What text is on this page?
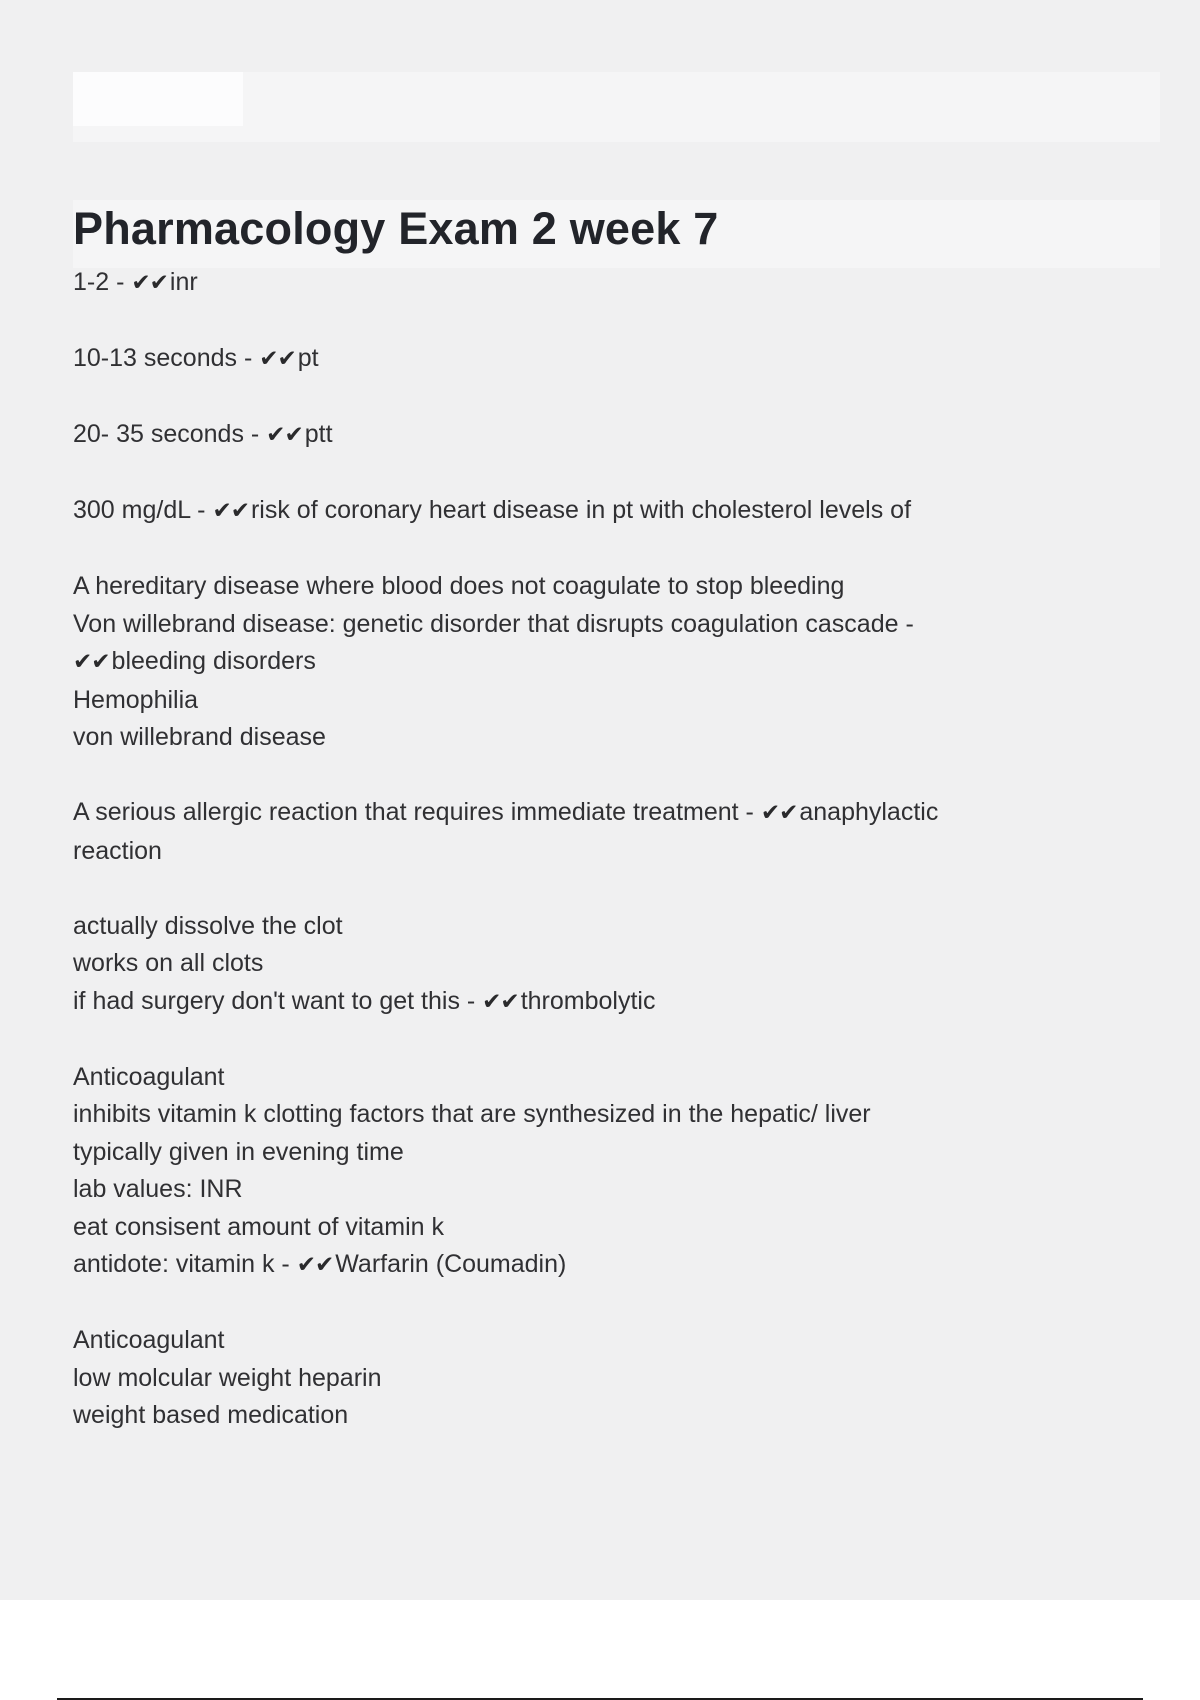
Pharmacology Exam 2 week 7
1-2 - ✔✔inr
10-13 seconds - ✔✔pt
20- 35 seconds - ✔✔ptt
300 mg/dL - ✔✔risk of coronary heart disease in pt with cholesterol levels of
A hereditary disease where blood does not coagulate to stop bleeding
Von willebrand disease: genetic disorder that disrupts coagulation cascade -
✔✔bleeding disorders
Hemophilia
von willebrand disease
A serious allergic reaction that requires immediate treatment - ✔✔anaphylactic
reaction
actually dissolve the clot
works on all clots
if had surgery don't want to get this - ✔✔thrombolytic
Anticoagulant
inhibits vitamin k clotting factors that are synthesized in the hepatic/ liver
typically given in evening time
lab values: INR
eat consisent amount of vitamin k
antidote: vitamin k - ✔✔Warfarin (Coumadin)
Anticoagulant
low molcular weight heparin
weight based medication
